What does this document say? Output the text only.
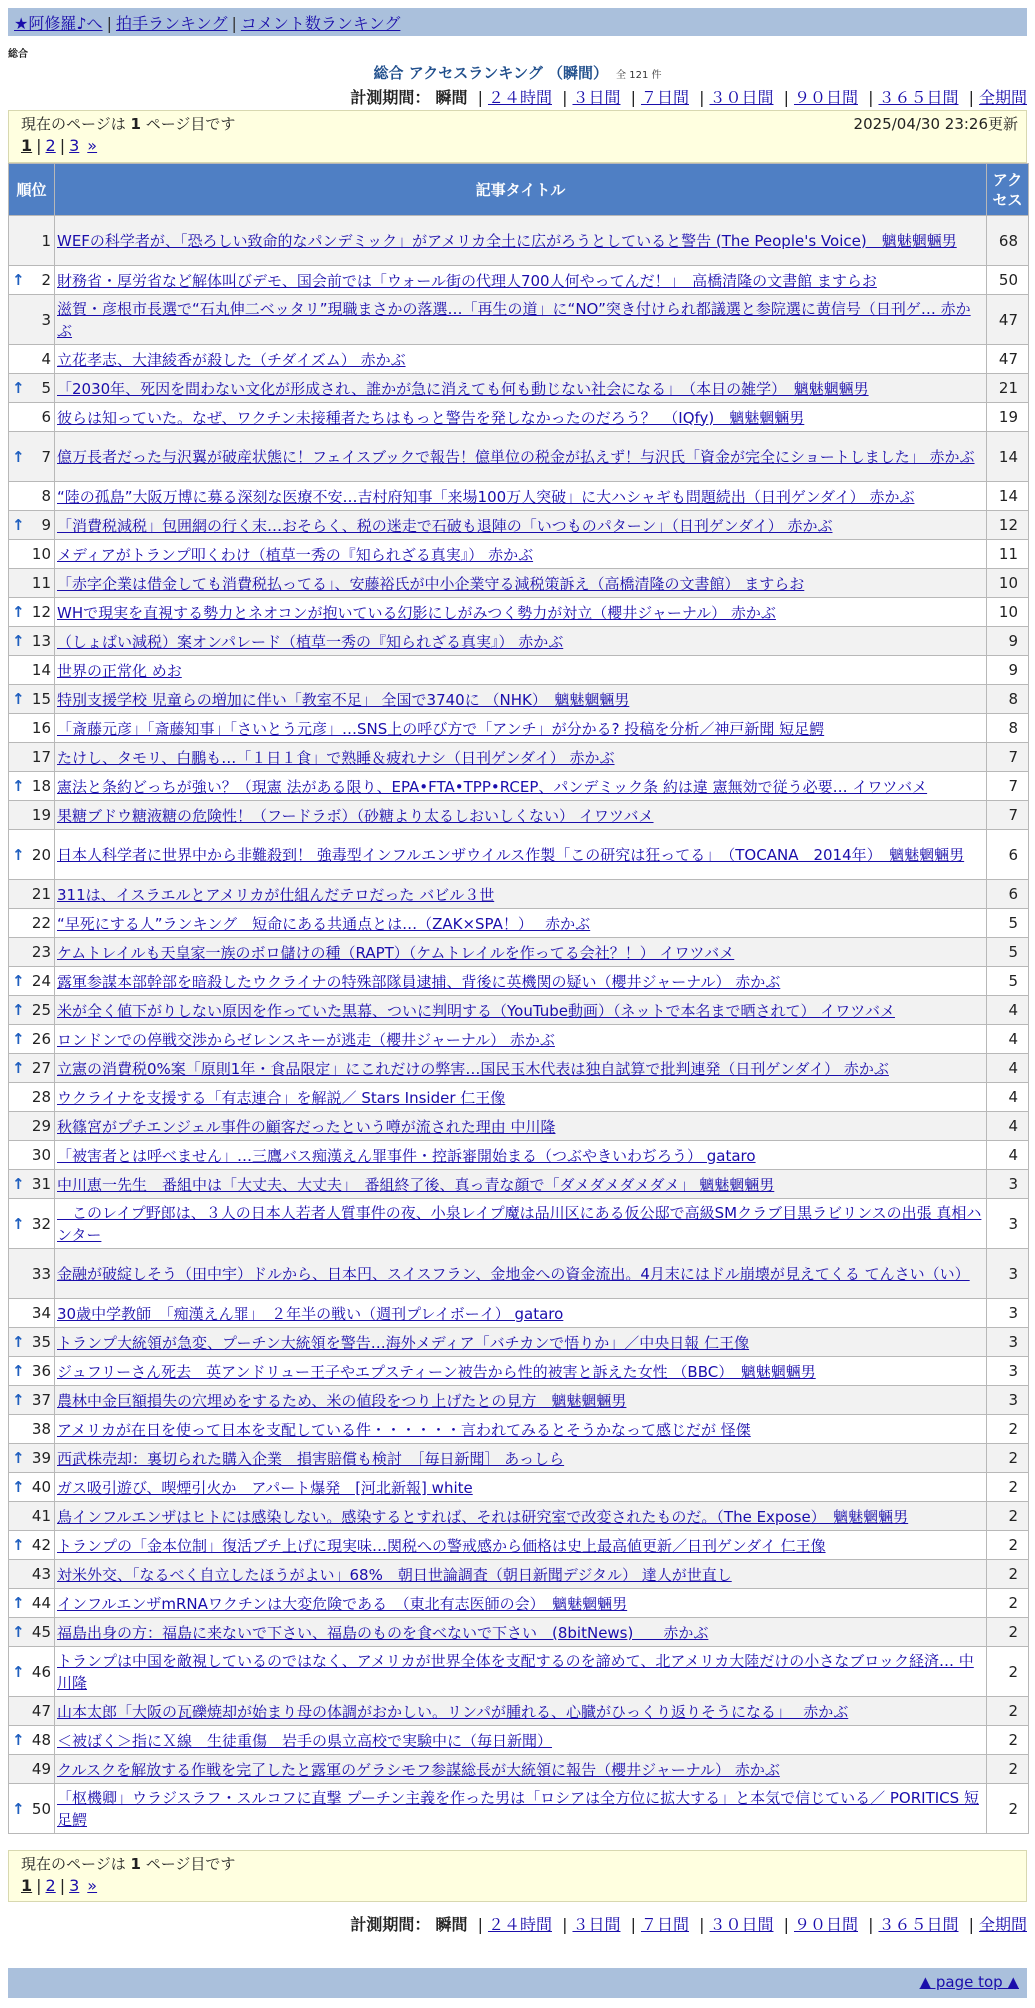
★阿修羅♪へ | 拍手ランキング | コメント数ランキング
総合
総合 アクセスランキング （瞬間） 全 121 件
計測期間： 瞬間 | ２４時間 | ３日間 | ７日間 | ３０日間 | ９０日間 | ３６５日間 | 全期間
現在のページは 1 ページ目です	2025/04/30 23:26更新
1 | 2 | 3 »
順位	記事タイトル	アクセス
1	WEFの科学者が、「恐ろしい致命的なパンデミック」がアメリカ全土に広がろうとしていると警告 (The People's Voice)　魑魅魍魎男	68

↑ 2	財務省・厚労省など解体叫びデモ、国会前では「ウォール街の代理人700人何やってんだ！」　高橋清隆の文書館 ますらお	50
3	滋賀・彦根市長選で“石丸伸二ベッタリ”現職まさかの落選…「再生の道」に“NO”突き付けられ都議選と参院選に黄信号（日刊ゲ… 赤かぶ	47
4	立花孝志、大津綾香が殺した（チダイズム） 赤かぶ	47

↑ 5	「2030年、死因を問わない文化が形成され、誰かが急に消えても何も動じない社会になる」　（本日の雑学）　魑魅魍魎男	21
6	彼らは知っていた。なぜ、ワクチン未接種者たちはもっと警告を発しなかったのだろう？　（IQfy)　魑魅魍魎男	19

↑ 7	億万長者だった与沢翼が破産状態に！フェイスブックで報告！億単位の税金が払えず！与沢氏「資金が完全にショートしました」 赤かぶ	14
8	“陸の孤島”大阪万博に募る深刻な医療不安…吉村府知事「来場100万人突破」に大ハシャギも問題続出（日刊ゲンダイ） 赤かぶ	14

↑ 9	「消費税減税」包囲網の行く末…おそらく、税の迷走で石破も退陣の「いつものパターン」（日刊ゲンダイ） 赤かぶ	12
10	メディアがトランプ叩くわけ（植草一秀の『知られざる真実』） 赤かぶ	11
11	「赤字企業は借金しても消費税払ってる」、安藤裕氏が中小企業守る減税策訴え（高橋清隆の文書館） ますらお	10

↑ 12	WHで現実を直視する勢力とネオコンが抱いている幻影にしがみつく勢力が対立（櫻井ジャーナル） 赤かぶ	10

↑ 13	（しょばい減税）案オンパレード（植草一秀の『知られざる真実』） 赤かぶ	9
14	世界の正常化 めお	9

↑ 15	特別支援学校 児童らの増加に伴い「教室不足」 全国で3740に （NHK）　魑魅魍魎男	8
16	「斎藤元彦」「斎藤知事」「さいとう元彦」…SNS上の呼び方で「アンチ」が分かる? 投稿を分析／神戸新聞 短足鰐	8
17	たけし、タモリ、白鵬も…「１日１食」で熟睡＆疲れナシ（日刊ゲンダイ） 赤かぶ	7

↑ 18	憲法と条約どっちが強い？（現憲 法がある限り、EPA•FTA•TPP•RCEP、パンデミック条 約は違 憲無効で従う必要… イワツバメ	7
19	果糖ブドウ糖液糖の危険性！（フードラボ）（砂糖より太るしおいしくない） イワツバメ	7

↑ 20	日本人科学者に世界中から非難殺到！ 強毒型インフルエンザウイルス作製「この研究は狂ってる」　（TOCANA　2014年）　魑魅魍魎男	6
21	311は、イスラエルとアメリカが仕組んだテロだった バビル３世	6
22	“早死にする人”ランキング　短命にある共通点とは…（ZAK×SPA！）　 赤かぶ	5
23	ケムトレイルも天皇家一族のボロ儲けの種（RAPT）（ケムトレイルを作ってる会社？！） イワツバメ	5

↑ 24	露軍参謀本部幹部を暗殺したウクライナの特殊部隊員逮捕、背後に英機関の疑い（櫻井ジャーナル） 赤かぶ	5

↑ 25	米が全く値下がりしない原因を作っていた黒幕、ついに判明する（YouTube動画）（ネットで本名まで晒されて） イワツバメ	4

↑ 26	ロンドンでの停戦交渉からゼレンスキーが逃走（櫻井ジャーナル） 赤かぶ	4

↑ 27	立憲の消費税0%案「原則1年・食品限定」にこれだけの弊害…国民玉木代表は独自試算で批判連発（日刊ゲンダイ） 赤かぶ	4
28	ウクライナを支援する「有志連合」を解説／ Stars Insider 仁王像	4
29	秋篠宮がプチエンジェル事件の顧客だったという噂が流された理由 中川隆	4
30	「被害者とは呼べません」…三鷹バス痴漢えん罪事件・控訴審開始まる（つぶやきいわぢろう） gataro	4

↑ 31	中川恵一先生　番組中は「大丈夫、大丈夫」　番組終了後、真っ青な顔で「ダメダメダメダメ」 魑魅魍魎男	3

↑ 32	　このレイプ野郎は、３人の日本人若者人質事件の夜、小泉レイプ魔は品川区にある仮公邸で高級SMクラブ目黒ラビリンスの出張 真相ハンター	3
33	金融が破綻しそう（田中宇）ドルから、日本円、スイスフラン、金地金への資金流出。4月末にはドル崩壊が見えてくる てんさい（い）	3
34	30歳中学教師　「痴漢えん罪」　２年半の戦い（週刊プレイボーイ） gataro	3

↑ 35	トランプ大統領が急変、プーチン大統領を警告…海外メディア「バチカンで悟りか」／中央日報 仁王像	3

↑ 36	ジュフリーさん死去　英アンドリュー王子やエプスティーン被告から性的被害と訴えた女性 （BBC）　魑魅魍魎男	3

↑ 37	農林中金巨額損失の穴埋めをするため、米の値段をつり上げたとの見方　魑魅魍魎男	3
38	アメリカが在日を使って日本を支配している件・・・・・・言われてみるとそうかなって感じだが 怪傑	2

↑ 39	西武株売却：裏切られた購入企業　損害賠償も検討　［毎日新聞］ あっしら	2

↑ 40	ガス吸引遊び、喫煙引火か　アパート爆発　[河北新報] white	2
41	鳥インフルエンザはヒトには感染しない。感染するとすれば、それは研究室で改変されたものだ。（The Expose）　魑魅魍魎男	2

↑ 42	トランプの「金本位制」復活ブチ上げに現実味…関税への警戒感から価格は史上最高値更新／日刊ゲンダイ 仁王像	2
43	対米外交、「なるべく自立したほうがよい」68%　朝日世論調査（朝日新聞デジタル） 達人が世直し	2

↑ 44	インフルエンザmRNAワクチンは大変危険である　（東北有志医師の会）　魑魅魍魎男	2

↑ 45	福島出身の方：福島に来ないで下さい、福島のものを食べないで下さい　(8bitNews)　　赤かぶ	2

↑ 46	トランプは中国を敵視しているのではなく、アメリカが世界全体を支配するのを諦めて、北アメリカ大陸だけの小さなブロック経済… 中川隆	2
47	山本太郎「大阪の瓦礫焼却が始まり母の体調がおかしい。リンパが腫れる、心臓がひっくり返りそうになる」　 赤かぶ	2

↑ 48	＜被ばく＞指にＸ線　生徒重傷　岩手の県立高校で実験中に（毎日新聞）	2
49	クルスクを解放する作戦を完了したと露軍のゲラシモフ参謀総長が大統領に報告（櫻井ジャーナル） 赤かぶ	2

↑ 50	「枢機卿」ウラジスラフ・スルコフに直撃 プーチン主義を作った男は「ロシアは全方位に拡大する」と本気で信じている／ PORITICS 短足鰐	2
現在のページは 1 ページ目です
1 | 2 | 3 »
計測期間： 瞬間 | ２４時間 | ３日間 | ７日間 | ３０日間 | ９０日間 | ３６５日間 | 全期間
▲ page top ▲
